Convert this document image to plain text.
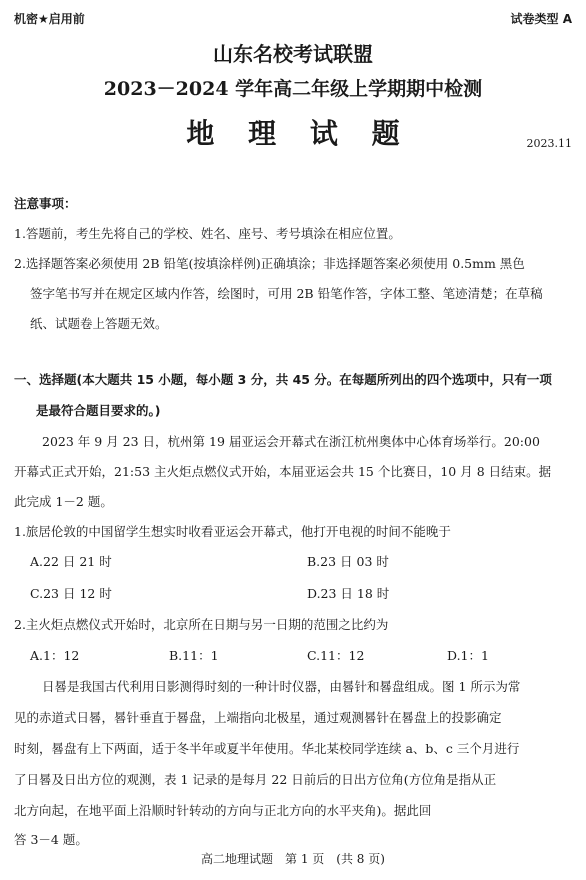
机密★启用前	试卷类型 A
山东名校考试联盟
2023－2024 学年高二年级上学期期中检测
地 理 试 题	2023.11
注意事项：
1.答题前，考生先将自己的学校、姓名、座号、考号填涂在相应位置。
2.选择题答案必须使用 2B 铅笔(按填涂样例)正确填涂；非选择题答案必须使用 0.5mm 黑色
签字笔书写并在规定区域内作答，绘图时，可用 2B 铅笔作答，字体工整、笔迹清楚；在草稿
纸、试题卷上答题无效。
一、选择题(本大题共 15 小题，每小题 3 分，共 45 分。在每题所列出的四个选项中，只有一项
是最符合题目要求的。)
2023 年 9 月 23 日，杭州第 19 届亚运会开幕式在浙江杭州奥体中心体育场举行。20:00
开幕式正式开始，21:53 主火炬点燃仪式开始，本届亚运会共 15 个比赛日，10 月 8 日结束。据
此完成 1－2 题。
1.旅居伦敦的中国留学生想实时收看亚运会开幕式，他打开电视的时间不能晚于
A.22 日 21 时	B.23 日 03 时
C.23 日 12 时	D.23 日 18 时
2.主火炬点燃仪式开始时，北京所在日期与另一日期的范围之比约为
A.1：12	B.11：1	C.11：12	D.1：1
日晷是我国古代利用日影测得时刻的一种计时仪器，由晷针和晷盘组成。图 1 所示为常
见的赤道式日晷，晷针垂直于晷盘，上端指向北极星，通过观测晷针在晷盘上的投影确定
时刻，晷盘有上下两面，适于冬半年或夏半年使用。华北某校同学连续 a、b、c 三个月进行
了日晷及日出方位的观测，表 1 记录的是每月 22 日前后的日出方位角(方位角是指从正
北方向起，在地平面上沿顺时针转动的方向与正北方向的水平夹角)。据此回
答 3－4 题。
高二地理试题　第 1 页　(共 8 页)
